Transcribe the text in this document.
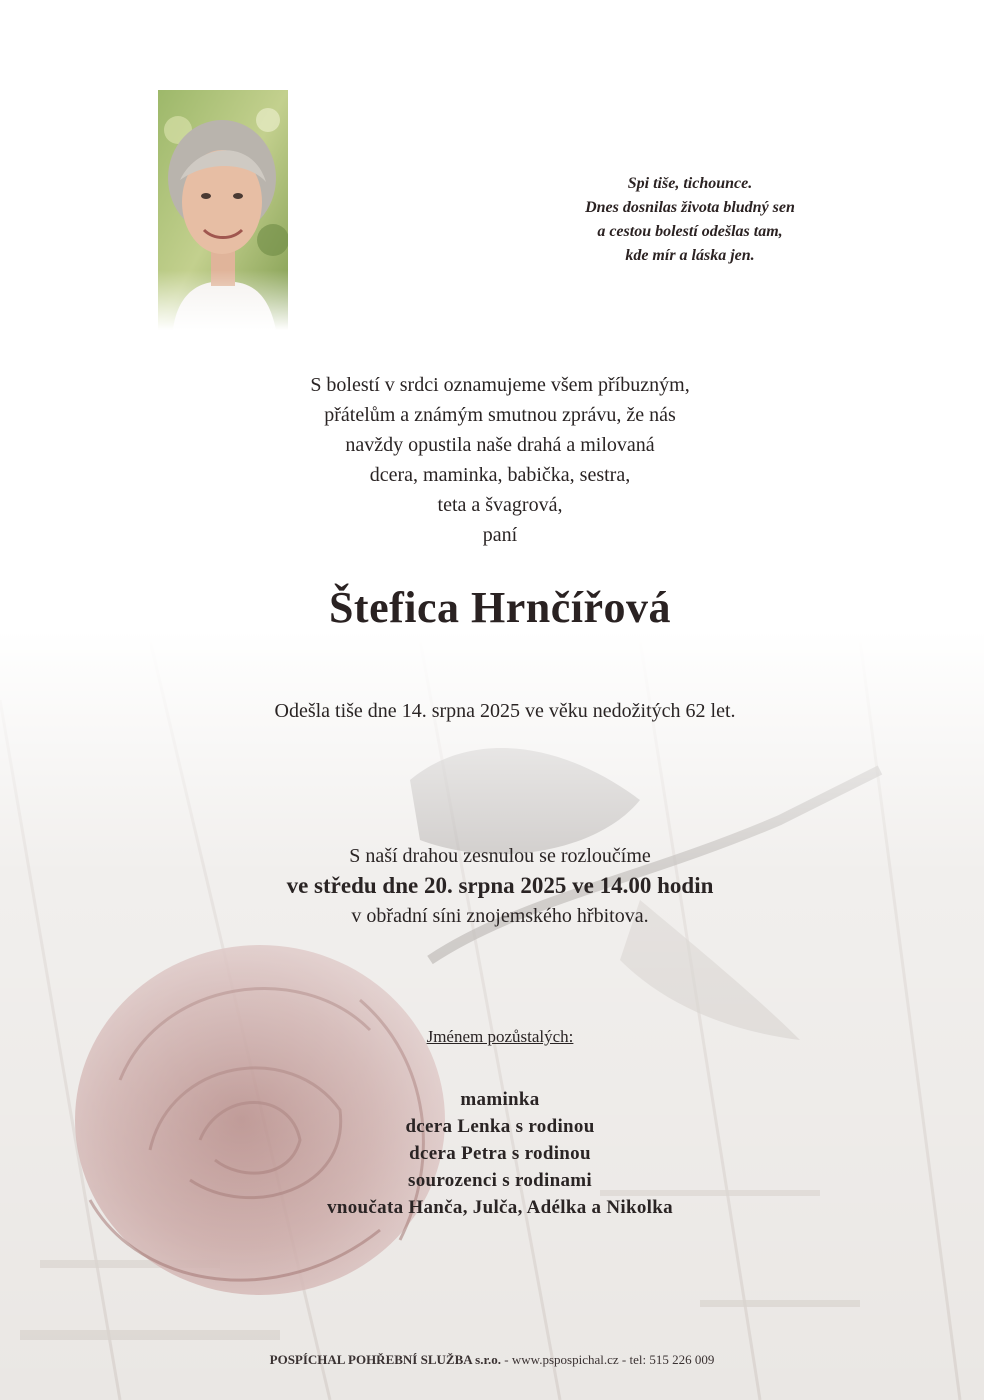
Spi tiše, tichounce.
Dnes dosnilas života bludný sen
a cestou bolestí odešlas tam,
kde mír a láska jen.
S bolestí v srdci oznamujeme všem příbuzným,
přátelům a známým smutnou zprávu, že nás
navždy opustila naše drahá a milovaná
dcera, maminka, babička, sestra,
teta a švagrová,
paní
Štefica Hrnčířová
Odešla tiše dne 14. srpna 2025 ve věku nedožitých 62 let.
S naší drahou zesnulou se rozloučíme
ve středu dne 20. srpna 2025 ve 14.00 hodin
v obřadní síni znojemského hřbitova.
Jménem pozůstalých:
maminka
dcera Lenka s rodinou
dcera Petra s rodinou
sourozenci s rodinami
vnoučata Hanča, Julča, Adélka a Nikolka
POSPÍCHAL POHŘEBNÍ SLUŽBA s.r.o. - www.pspospichal.cz - tel: 515 226 009
